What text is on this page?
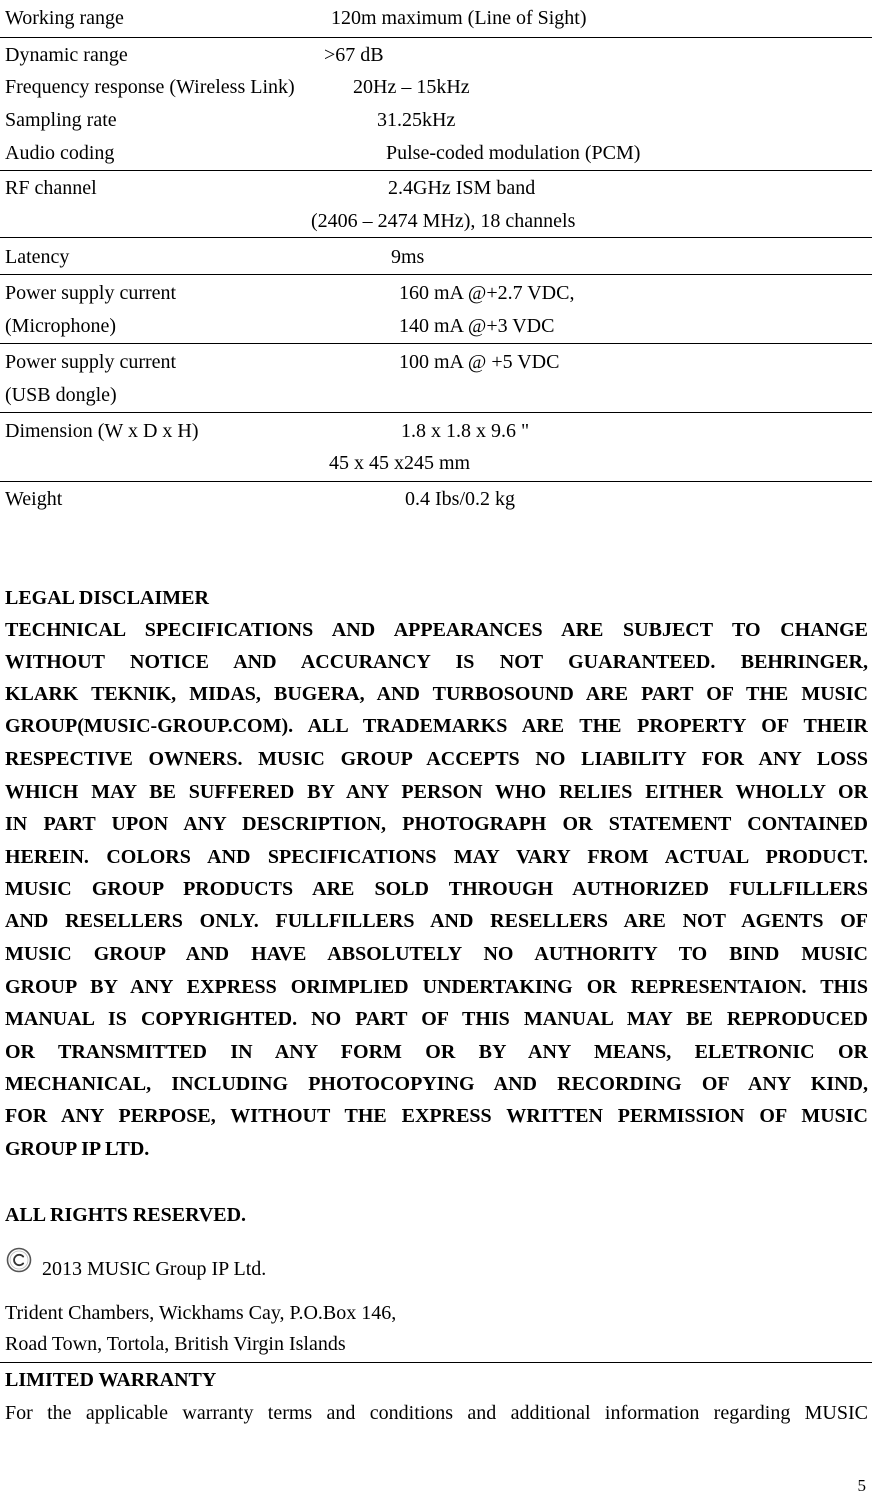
Working range	120m maximum (Line of Sight)
Dynamic range	>67 dB
Frequency response (Wireless Link)	20Hz – 15kHz
Sampling rate	31.25kHz
Audio coding	Pulse-coded modulation (PCM)
RF channel	2.4GHz ISM band
(2406 – 2474 MHz), 18 channels
Latency	9ms
Power supply current	160 mA @+2.7 VDC,
(Microphone)	140 mA @+3 VDC
Power supply current	100 mA @ +5 VDC
(USB dongle)
Dimension (W x D x H)	1.8 x 1.8 x 9.6 "
45 x 45 x245 mm
Weight	0.4 Ibs/0.2 kg
LEGAL DISCLAIMER
TECHNICAL SPECIFICATIONS AND APPEARANCES ARE SUBJECT TO CHANGE
WITHOUT NOTICE AND ACCURANCY IS NOT GUARANTEED. BEHRINGER,
KLARK TEKNIK, MIDAS, BUGERA, AND TURBOSOUND ARE PART OF THE MUSIC
GROUP(MUSIC-GROUP.COM). ALL TRADEMARKS ARE THE PROPERTY OF THEIR
RESPECTIVE OWNERS. MUSIC GROUP ACCEPTS NO LIABILITY FOR ANY LOSS
WHICH MAY BE SUFFERED BY ANY PERSON WHO RELIES EITHER WHOLLY OR
IN PART UPON ANY DESCRIPTION, PHOTOGRAPH OR STATEMENT CONTAINED
HEREIN. COLORS AND SPECIFICATIONS MAY VARY FROM ACTUAL PRODUCT.
MUSIC GROUP PRODUCTS ARE SOLD THROUGH AUTHORIZED FULLFILLERS
AND RESELLERS ONLY. FULLFILLERS AND RESELLERS ARE NOT AGENTS OF
MUSIC GROUP AND HAVE ABSOLUTELY NO AUTHORITY TO BIND MUSIC
GROUP BY ANY EXPRESS ORIMPLIED UNDERTAKING OR REPRESENTAION. THIS
MANUAL IS COPYRIGHTED. NO PART OF THIS MANUAL MAY BE REPRODUCED
OR TRANSMITTED IN ANY FORM OR BY ANY MEANS, ELETRONIC OR
MECHANICAL, INCLUDING PHOTOCOPYING AND RECORDING OF ANY KIND,
FOR ANY PERPOSE, WITHOUT THE EXPRESS WRITTEN PERMISSION OF MUSIC
GROUP IP LTD.
ALL RIGHTS RESERVED.
2013 MUSIC Group IP Ltd.
Trident Chambers, Wickhams Cay, P.O.Box 146,
Road Town, Tortola, British Virgin Islands
LIMITED WARRANTY
For the applicable warranty terms and conditions and additional information regarding MUSIC
5
